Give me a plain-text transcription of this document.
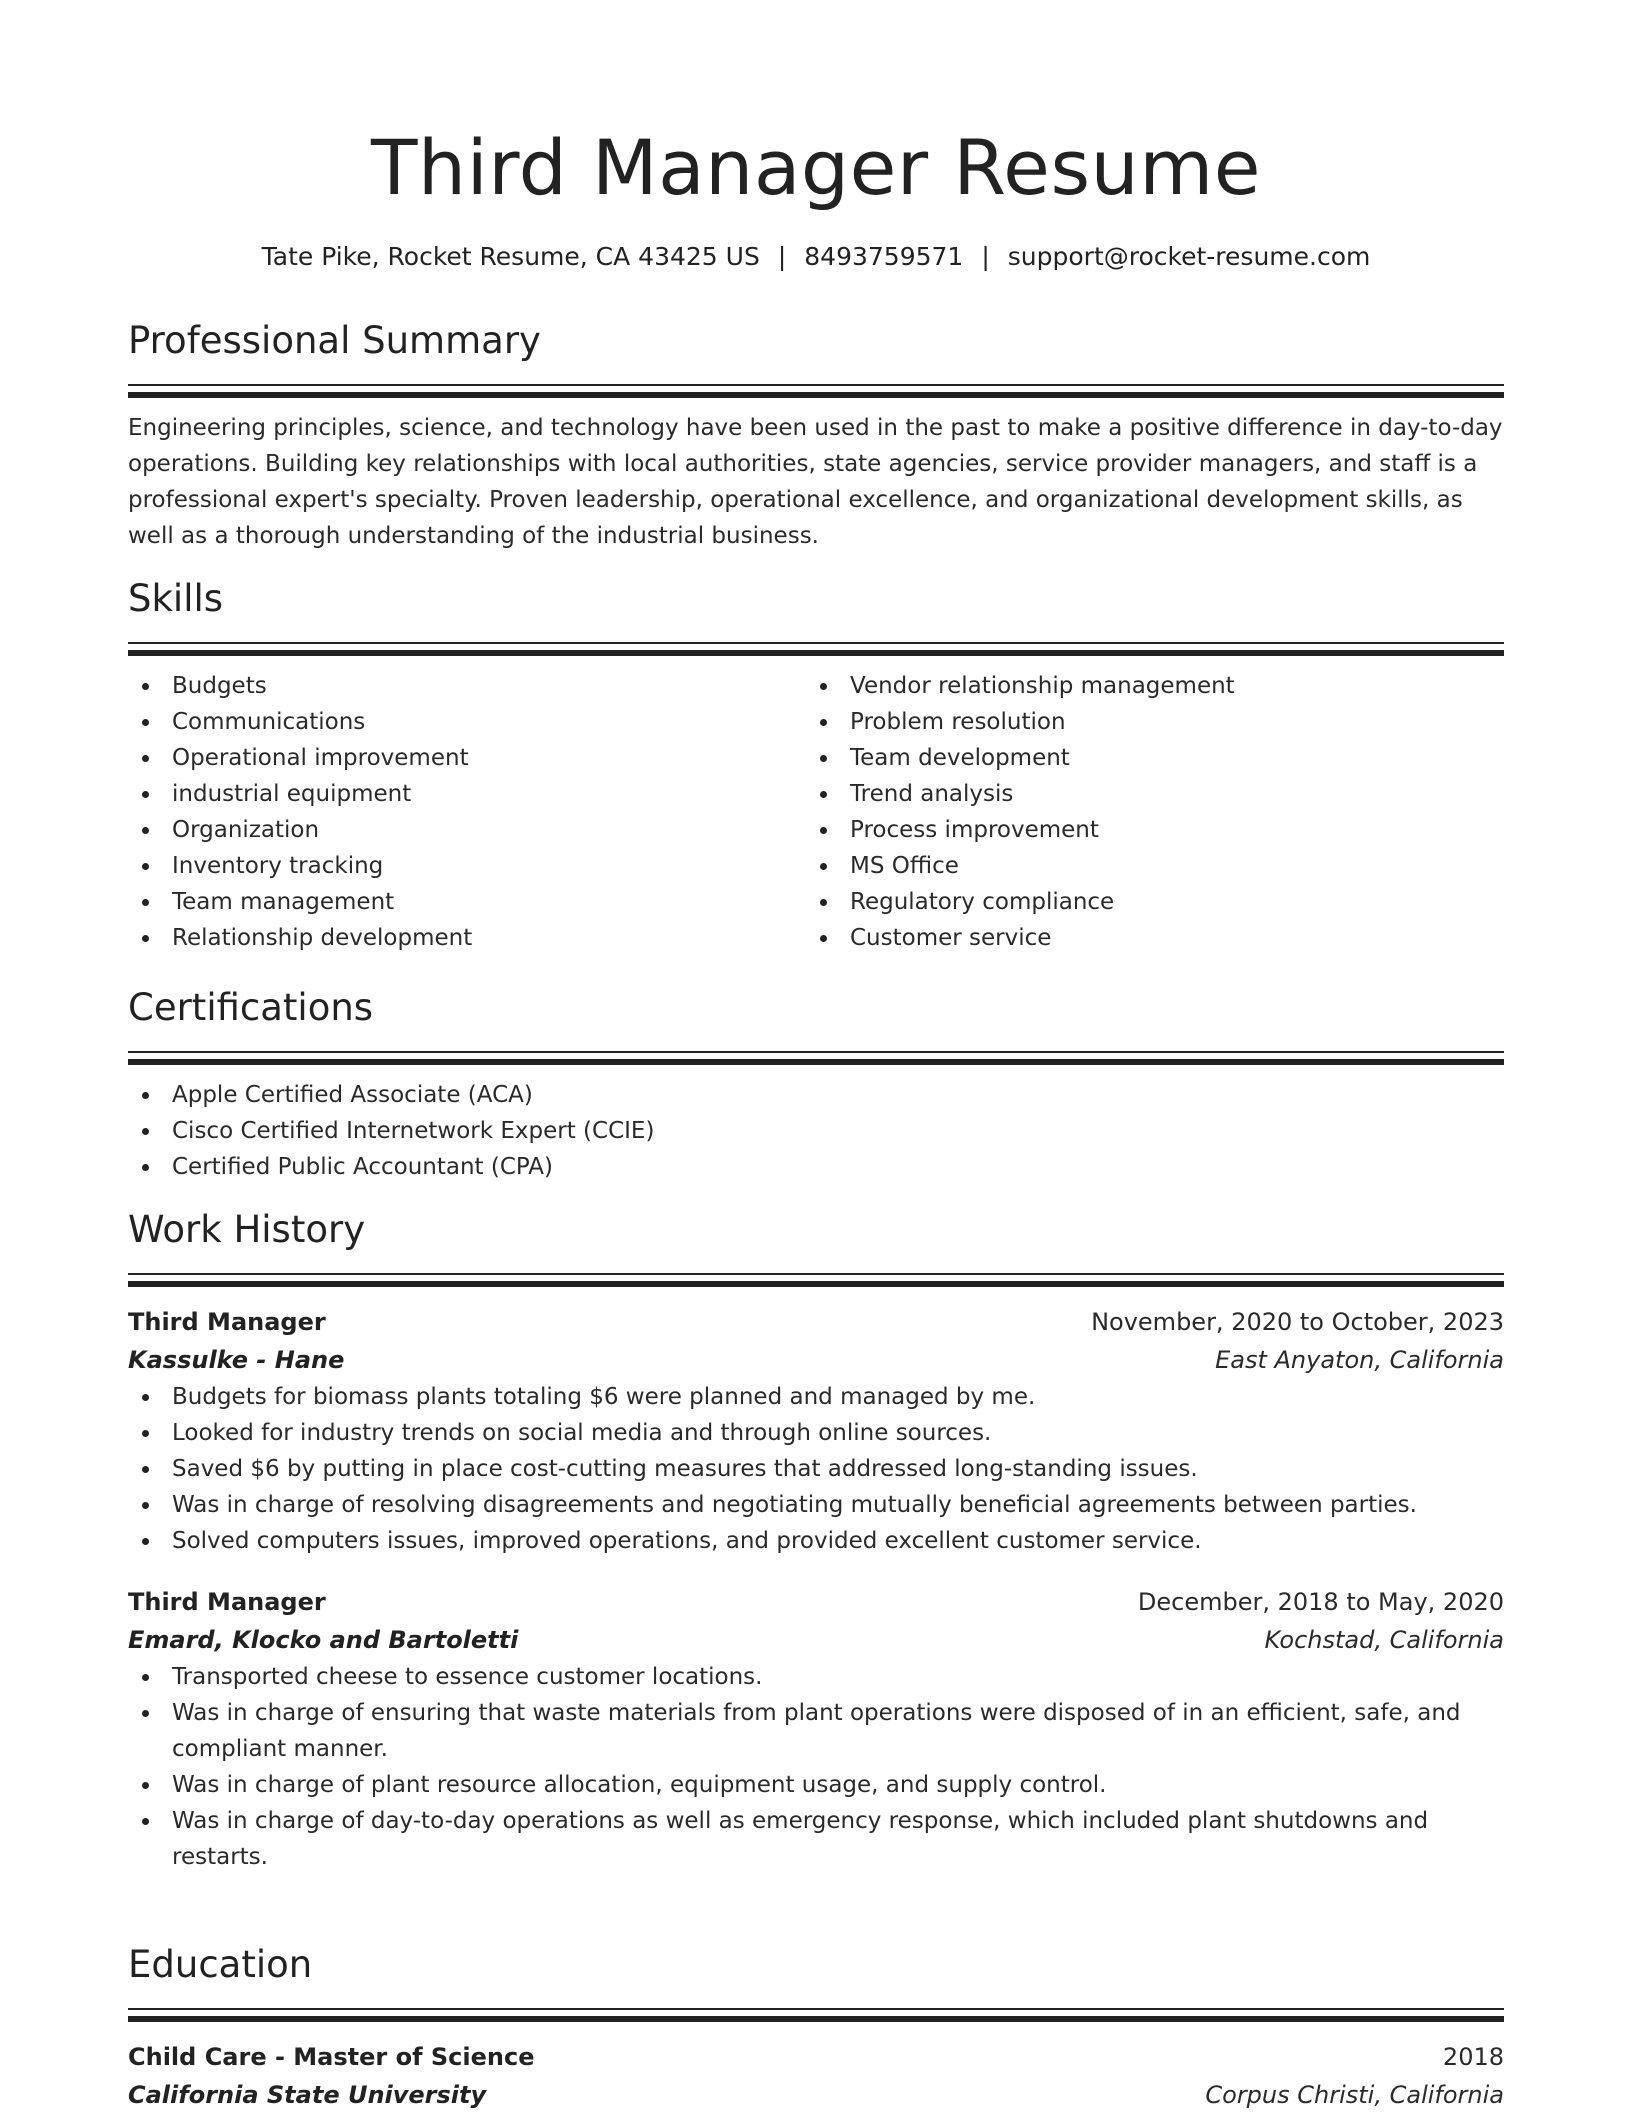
Third Manager Resume
Tate Pike, Rocket Resume, CA 43425 US | 8493759571 | support@rocket-resume.com
Professional Summary
Engineering principles, science, and technology have been used in the past to make a positive difference in day-to-day operations. Building key relationships with local authorities, state agencies, service provider managers, and staff is a professional expert's specialty. Proven leadership, operational excellence, and organizational development skills, as well as a thorough understanding of the industrial business.
Skills
Budgets
Communications
Operational improvement
industrial equipment
Organization
Inventory tracking
Team management
Relationship development
Vendor relationship management
Problem resolution
Team development
Trend analysis
Process improvement
MS Office
Regulatory compliance
Customer service
Certifications
Apple Certified Associate (ACA)
Cisco Certified Internetwork Expert (CCIE)
Certified Public Accountant (CPA)
Work History
Third Manager	November, 2020 to October, 2023
Kassulke - Hane	East Anyaton, California
Budgets for biomass plants totaling $6 were planned and managed by me.
Looked for industry trends on social media and through online sources.
Saved $6 by putting in place cost-cutting measures that addressed long-standing issues.
Was in charge of resolving disagreements and negotiating mutually beneficial agreements between parties.
Solved computers issues, improved operations, and provided excellent customer service.
Third Manager	December, 2018 to May, 2020
Emard, Klocko and Bartoletti	Kochstad, California
Transported cheese to essence customer locations.
Was in charge of ensuring that waste materials from plant operations were disposed of in an efficient, safe, and compliant manner.
Was in charge of plant resource allocation, equipment usage, and supply control.
Was in charge of day-to-day operations as well as emergency response, which included plant shutdowns and restarts.
Education
Child Care - Master of Science	2018
California State University	Corpus Christi, California
